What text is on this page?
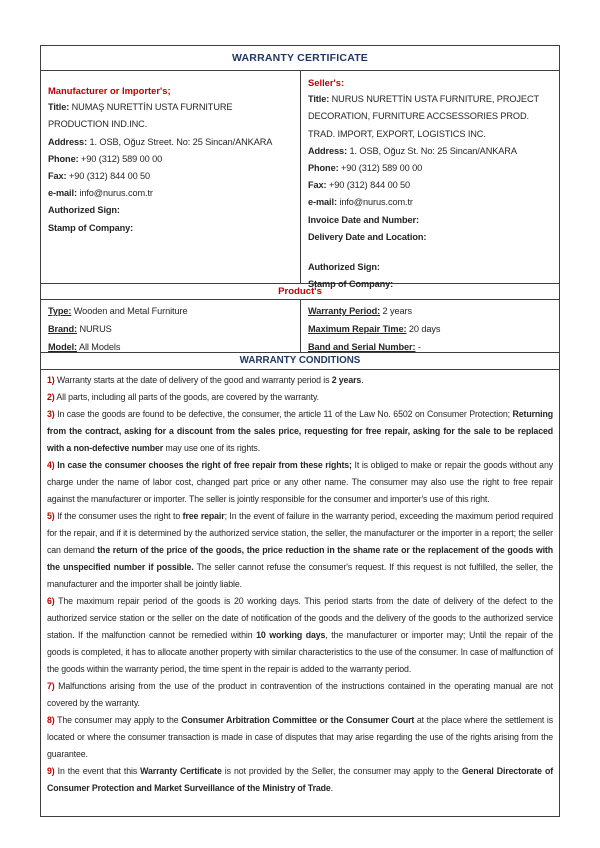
WARRANTY CERTIFICATE
Manufacturer or Importer's;
Title: NUMAŞ NURETTİN USTA FURNITURE PRODUCTION IND.INC.
Address: 1. OSB, Oğuz Street. No: 25 Sincan/ANKARA
Phone: +90 (312) 589 00 00
Fax: +90 (312) 844 00 50
e-mail: info@nurus.com.tr
Authorized Sign:
Stamp of Company:
Seller's:
Title: NURUS NURETTİN USTA FURNITURE, PROJECT DECORATION, FURNITURE ACCSESSORIES PROD. TRAD. IMPORT, EXPORT, LOGISTICS INC.
Address: 1. OSB, Oğuz St. No: 25 Sincan/ANKARA
Phone: +90 (312) 589 00 00
Fax: +90 (312) 844 00 50
e-mail: info@nurus.com.tr
Invoice Date and Number:
Delivery Date and Location:
Authorized Sign:
Stamp of Company:
Product's
Type: Wooden and Metal Furniture
Brand: NURUS
Model: All Models
Warranty Period: 2 years
Maximum Repair Time: 20 days
Band and Serial Number: -
WARRANTY CONDITIONS
1) Warranty starts at the date of delivery of the good and warranty period is 2 years.
2) All parts, including all parts of the goods, are covered by the warranty.
3) In case the goods are found to be defective, the consumer, the article 11 of the Law No. 6502 on Consumer Protection; Returning from the contract, asking for a discount from the sales price, requesting for free repair, asking for the sale to be replaced with a non-defective number may use one of its rights.
4) In case the consumer chooses the right of free repair from these rights; It is obliged to make or repair the goods without any charge under the name of labor cost, changed part price or any other name. The consumer may also use the right to free repair against the manufacturer or importer. The seller is jointly responsible for the consumer and importer's use of this right.
5) If the consumer uses the right to free repair; In the event of failure in the warranty period, exceeding the maximum period required for the repair, and if it is determined by the authorized service station, the seller, the manufacturer or the importer in a report; the seller can demand the return of the price of the goods, the price reduction in the shame rate or the replacement of the goods with the unspecified number if possible. The seller cannot refuse the consumer's request. If this request is not fulfilled, the seller, the manufacturer and the importer shall be jointly liable.
6) The maximum repair period of the goods is 20 working days. This period starts from the date of delivery of the defect to the authorized service station or the seller on the date of notification of the goods and the delivery of the goods to the authorized service station. If the malfunction cannot be remedied within 10 working days, the manufacturer or importer may; Until the repair of the goods is completed, it has to allocate another property with similar characteristics to the use of the consumer. In case of malfunction of the goods within the warranty period, the time spent in the repair is added to the warranty period.
7) Malfunctions arising from the use of the product in contravention of the instructions contained in the operating manual are not covered by the warranty.
8) The consumer may apply to the Consumer Arbitration Committee or the Consumer Court at the place where the settlement is located or where the consumer transaction is made in case of disputes that may arise regarding the use of the rights arising from the guarantee.
9) In the event that this Warranty Certificate is not provided by the Seller, the consumer may apply to the General Directorate of Consumer Protection and Market Surveillance of the Ministry of Trade.
